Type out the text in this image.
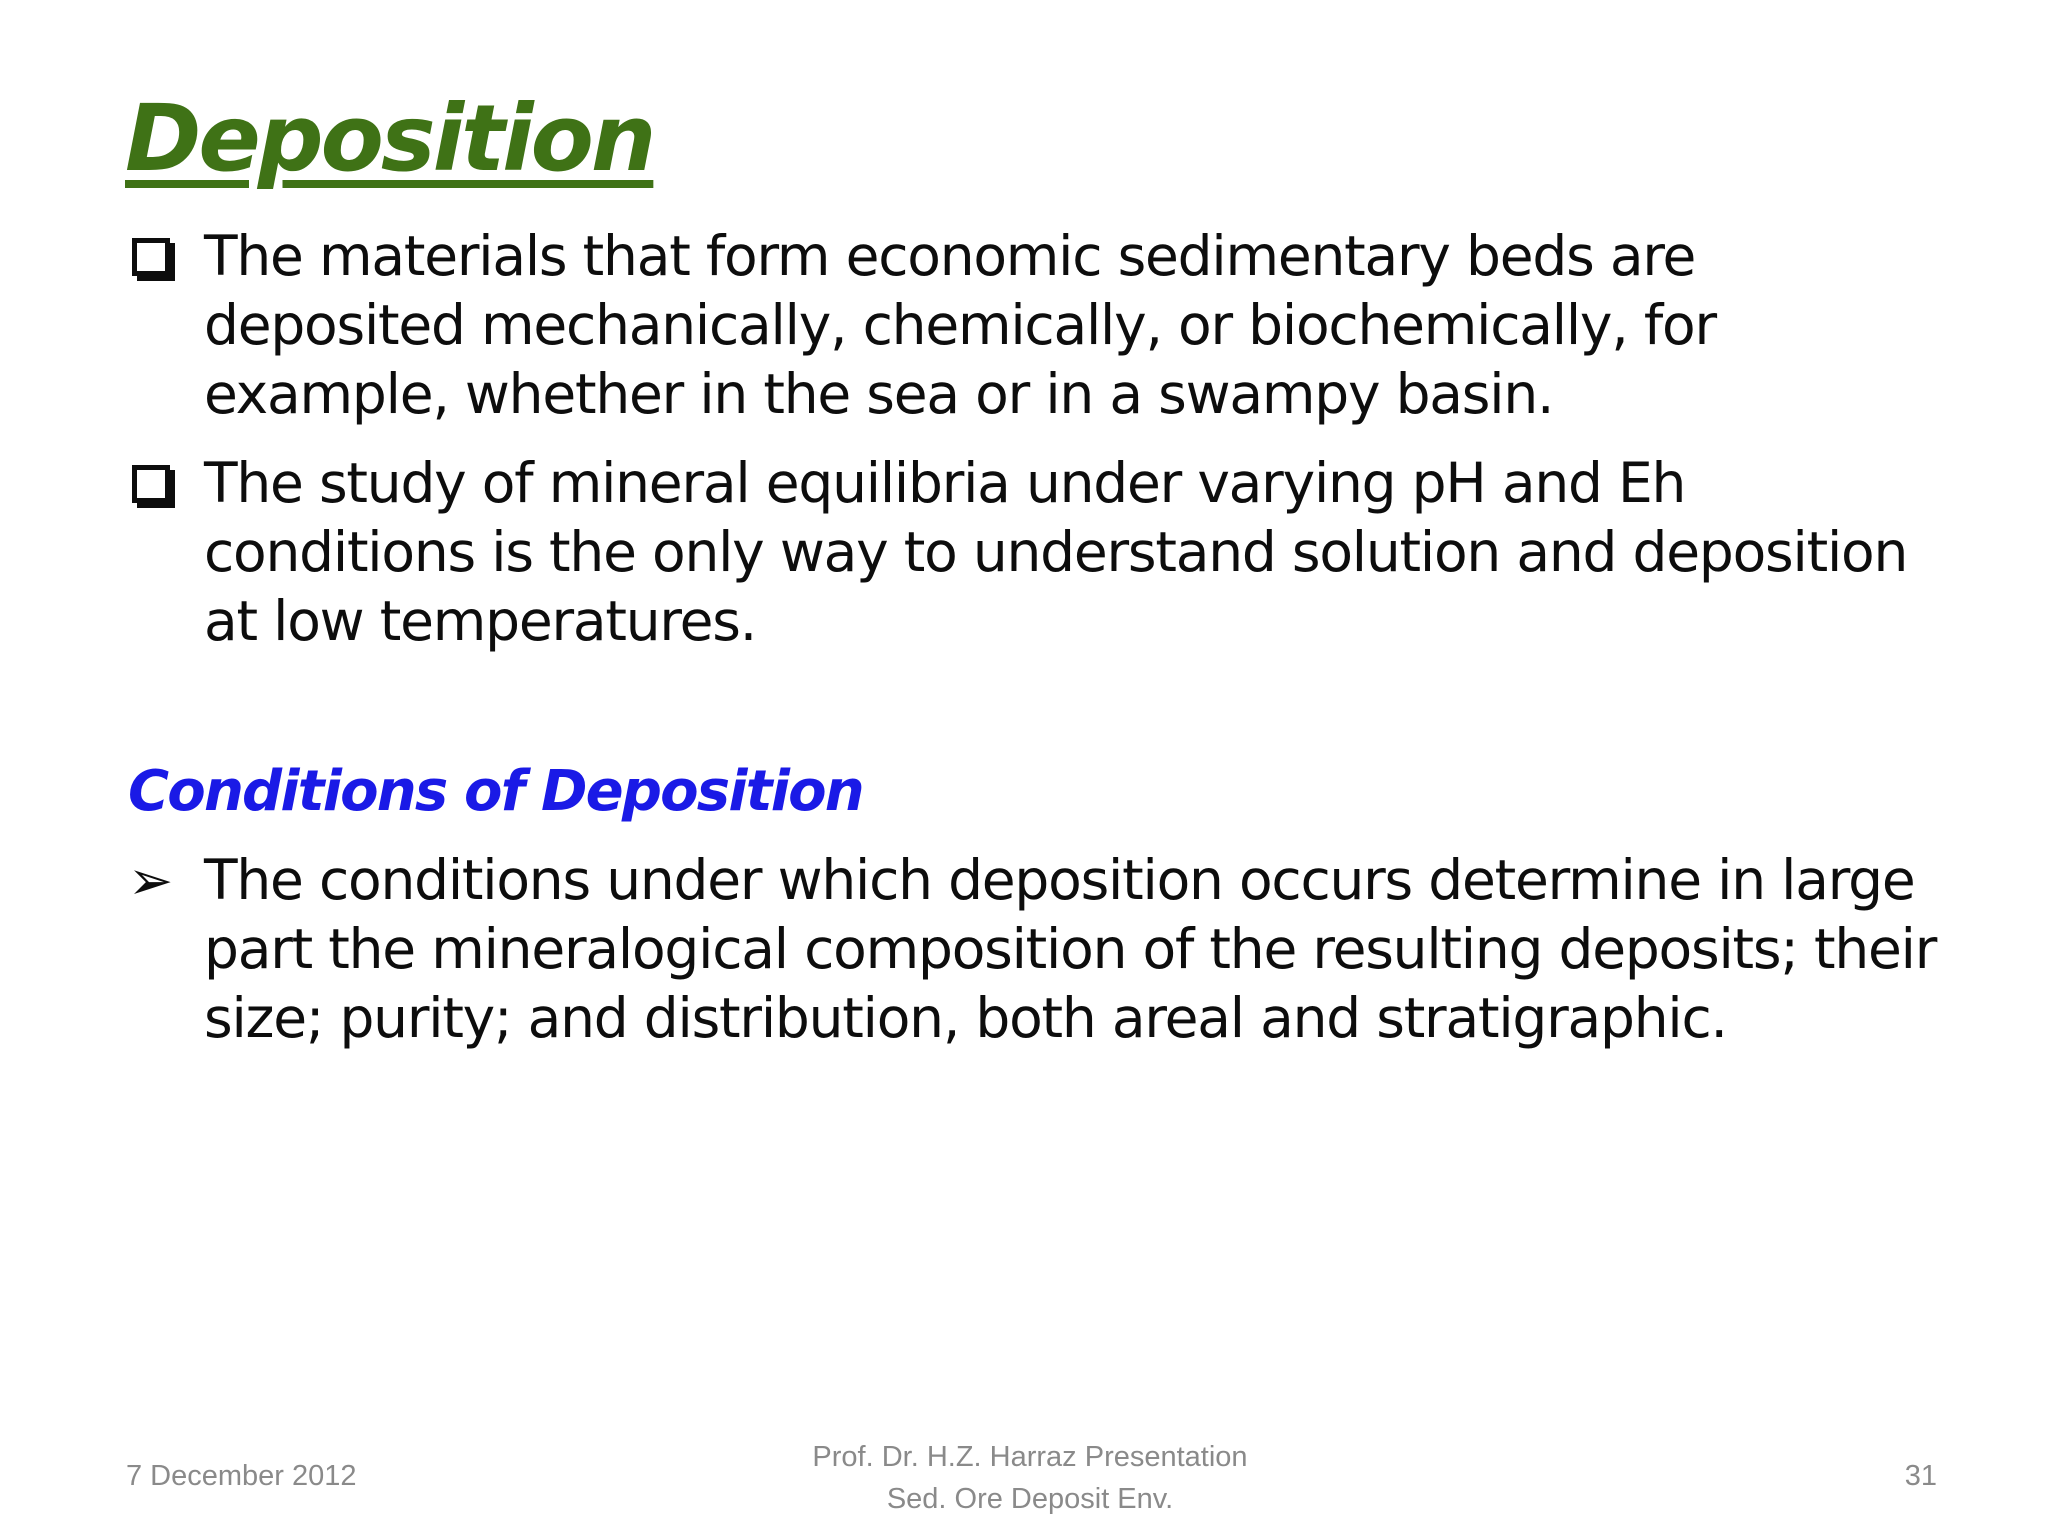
Deposition
The materials that form economic sedimentary beds are deposited mechanically, chemically, or biochemically, for example, whether in the sea or in a swampy basin.
The study of mineral equilibria under varying pH and Eh conditions is the only way to understand solution and deposition at low temperatures.
Conditions of Deposition
➢ The conditions under which deposition occurs determine in large part the mineralogical composition of the resulting deposits; their size; purity; and distribution, both areal and stratigraphic.
7 December 2012
Prof. Dr. H.Z. Harraz Presentation
Sed. Ore Deposit Env.
31
